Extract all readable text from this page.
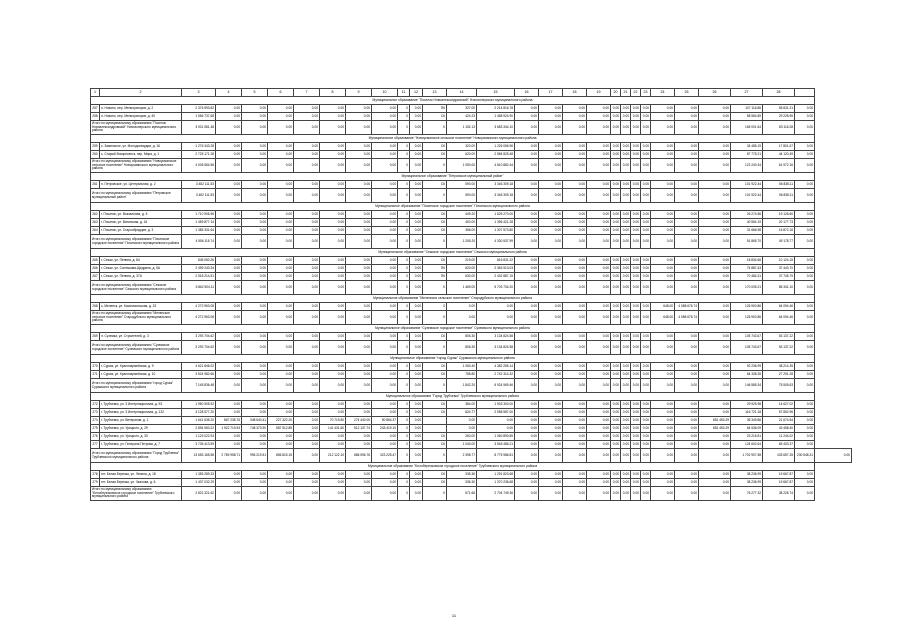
1	2	3	4	5	6	7	8	9	10	11	12	13	14	15	16	17	18	19	20	21	22	23	24	25	26	27	28		
Муниципальное образование "Поселок Новоалександровский" Новохоперского муниципального района																													
257	п. Новопо, пер. Мелиораторов, д. 2	2 376 993.82	0.00	0.00	0.00	0.00	0.00	0.00	0.00	0	0.00	ПК	327.00	2 214 816.78	0.00	0.00	0.00	0.00	0.00	0.00	0.00	0.00	0.00	0.00	0.00	107 116.86	55 831.21	0.00	
258	п. Новопо, пер. Мелиораторов, д. 49	1 556 737.68	0.00	0.00	0.00	0.00	0.00	0.00	0.00	0	0.00	СК	424.23	1 468 924.90	0.00	0.00	0.00	0.00	0.00	0.00	0.00	0.00	0.00	0.00	0.00	58 584.89	29 228.95	0.00	
Итого по муниципальному образованию "Поселок Новоалександровский" Новохоперского муниципального района		3 931 581.48	0.00	0.00	0.00	0.00	0.00	0.00	0.00	0	0.00	Х	1 152.13	3 683 344.10	0.00	0.00	0.00	0.00	0.00	0.00	0.00	0.00	0.00	0.00	0.00	165 001.64	83 116.28	0.00	
Муниципальное образование "Новоусманское сельское поселение" Новоусманского муниципального района																													
259	с. Замельное, ул. Молодогвардии, д. 16	1 276 343.28	0.00	0.00	0.00	0.00	0.00	0.00	0.00	0	0.00	СК	320.00	1 226 056.96	0.00	0.00	0.00	0.00	0.00	0.00	0.00	0.00	0.00	0.00	0.00	34 485.19	17 801.67	0.00	
260	с. Старый Воскресенск, пер. Мира, д. 1	2 725 171.28	0.00	0.00	0.00	0.00	0.00	0.00	0.00	0	0.00	СК	620.00	2 584 825.48	0.00	0.00	0.00	0.00	0.00	0.00	0.00	0.00	0.00	0.00	0.00	87 775.21	44 120.49	0.00	
Итого по муниципальному образованию "Новоусманское сельское поселение" Новоусманского муниципального района		4 005 654.56	0.00	0.00	0.00	0.00	0.00	0.00	0.00	0	0.00	Х	1 050.00	4 810 882.44	0.00	0.00	0.00	0.00	0.00	0.00	0.00	0.00	0.00	0.00	0.00	122 240.34	61 972.16	0.00	
Муниципальное образование "Петровское муниципальный район"																													
261	п. Петровское, ул. Центральная, д. 2	3 482 111.53	0.00	0.00	0.00	0.00	0.00	0.00	0.00	0	0.00	СК	590.00	3 346 309.18	0.00	0.00	0.00	0.00	0.00	0.00	0.00	0.00	0.00	0.00	0.00	101 922.44	56 838.11	0.00	
Итого по муниципальному образованию "Петровское муниципальный район"		3 482 111.53	0.00	0.00	0.00	0.00	0.00	0.00	0.00	0	0.00	Х	590.00	3 346 309.18	0.00	0.00	0.00	0.00	0.00	0.00	0.00	0.00	0.00	0.00	0.00	101 922.44	56 838.11	0.00	
Муниципальное образование "Починское городское поселение" Починского муниципального района																													
262	г. Починок, ул. Вокзальная, д. 5	1 710 906.96	0.00	0.00	0.00	0.00	0.00	0.00	0.00	0	0.00	СК	449.20	1 625 270.00	0.00	0.00	0.00	0.00	0.00	0.00	0.00	0.00	0.00	0.00	0.00	26 274.56	19 126.60	0.00	
263	г. Починок, ул. Ватинская, д. 16	1 459 877.14	0.00	0.00	0.00	0.00	0.00	0.00	0.00	0	0.00	СК	400.00	1 396 421.28	0.00	0.00	0.00	0.00	0.00	0.00	0.00	0.00	0.00	0.00	0.00	40 554.19	20 177.73	0.00	
264	г. Починок, ул. Старообрядцев, д. 3	1 385 331.64	0.00	0.00	0.00	0.00	0.00	0.00	0.00	0	0.00	СК	356.00	1 307 573.80	0.00	0.00	0.00	0.00	0.00	0.00	0.00	0.00	0.00	0.00	0.00	31 666.98	15 872.16	0.00	
Итого по муниципальному образованию "Починское городское поселение" Починского муниципального района		4 556 115.74	0.00	0.00	0.00	0.00	0.00	0.00	0.00	0	0.00	Х	1 205.20	4 330 537.99	0.00	0.00	0.00	0.00	0.00	0.00	0.00	0.00	0.00	0.00	0.00	51 865.70	49 178.77	0.00	
Муниципальное образование "Сежское городское поселение" Сежского муниципального района																													
265	г. Сежск, ул. Пенина, д. 84	845 050.26	0.00	0.00	0.00	0.00	0.00	0.00	0.00	0	0.00	СК	219.00	816 831.22	0.00	0.00	0.00	0.00	0.00	0.00	0.00	0.00	0.00	0.00	0.00	18 834.66	10 124.15	0.00	
266	г. Сежск, ул. Салтыкова-Щедрина, д. 5А	2 499 240.34	0.00	0.00	0.00	0.00	0.00	0.00	0.00	0	0.00	ПК	620.00	2 363 913.03	0.00	0.00	0.00	0.00	0.00	0.00	0.00	0.00	0.00	0.00	0.00	74 887.43	37 443.70	0.00	
267	г. Сежск, ул. Пенина, д. 37А	2 518 214.51	0.00	0.00	0.00	0.00	0.00	0.00	0.00	0	0.00	ПК	630.00	2 432 887.15	0.00	0.00	0.00	0.00	0.00	0.00	0.00	0.00	0.00	0.00	0.00	70 484.31	37 745.75	0.00	
Итого по муниципальному образованию "Сежское городское поселение" Сежского муниципального района		5 862 504.11	0.00	0.00	0.00	0.00	0.00	0.00	0.00	0	0.00	Х	1 469.00	5 703 734.20	0.00	0.00	0.00	0.00	0.00	0.00	0.00	0.00	0.00	0.00	0.00	170 005.21	85 341.10	0.00	
Муниципальное образование "Меленское сельское поселение" Стародубского муниципального района																													
268	с. Меленск, ул. Комсомольская, д. 23	4 272 963.08	0.00	0.00	0.00	0.00	0.00	0.00	0.00	0	0.00	Х	0.00	0.00	0.00	0.00	0.00	0.00	0.00	0.00	0.00	0.00	648.00	4 088 676.74	0.00	126 900.86	64 094.46	0.00	
Итого по муниципальному образованию "Меленское сельское поселение" Стародубского муниципального района		4 272 963.08	0.00	0.00	0.00	0.00	0.00	0.00	0.00	0	0.00	Х	0.00	0.00	0.00	0.00	0.00	0.00	0.00	0.00	0.00	0.00	648.00	4 088 676.74	0.00	126 900.86	64 094.46	0.00	
Муниципальное образование "Суземское городское поселение" Суземского муниципального района																													
269	п. Суземка, ул. Строителей, д. 3	3 293 704.62	0.00	0.00	0.00	0.00	0.00	0.00	0.00	0	0.00	СК	806.30	3 134 824.58	0.00	0.00	0.00	0.00	0.00	0.00	0.00	0.00	0.00	0.00	0.00	105 743.67	53 137.22	0.00	
Итого по муниципальному образованию "Суземское городское поселение" Суземского муниципального района		3 293 704.62	0.00	0.00	0.00	0.00	0.00	0.00	0.00	0	0.00	Х	806.30	3 134 824.58	0.00	0.00	0.00	0.00	0.00	0.00	0.00	0.00	0.00	0.00	0.00	105 743.67	53 137.22	0.00	
Муниципальное образование "город Сураж" Суражского муниципального района																													
270	г. Сураж, ул. Красноармейская, д. 9	4 621 846.02	0.00	0.00	0.00	0.00	0.00	0.00	0.00	0	0.00	СК	1 083.40	4 382 255.14	0.00	0.00	0.00	0.00	0.00	0.00	0.00	0.00	0.00	0.00	0.00	92 236.99	48 214.35	0.00	
271	г. Сураж, ул. Красноармейская, д. 10	3 524 982.66	0.00	0.00	0.00	0.00	0.00	0.00	0.00	0	0.00	СК	758.80	2 742 314.32	0.00	0.00	0.00	0.00	0.00	0.00	0.00	0.00	0.00	0.00	0.00	54 338.35	27 291.28	0.00	
Итого по муниципальному образованию "город Сураж" Суражского муниципального района		7 145 836.48	0.00	0.00	0.00	0.00	0.00	0.00	0.00	0	0.00	Х	1 842.20	6 924 569.46	0.00	0.00	0.00	0.00	0.00	0.00	0.00	0.00	0.00	0.00	0.00	146 585.34	75 505.63	0.00	
Муниципальное образование "Город Трубчевск" Трубчевского муниципального района																													
272	г. Трубчевск, ул. 3 Интернационала, д. 93	1 950 905.92	0.00	0.00	0.00	0.00	0.00	0.00	0.00	0	0.00	СК	384.00	1 903 300.00	0.00	0.00	0.00	0.00	0.00	0.00	0.00	0.00	0.00	0.00	0.00	29 925.98	14 627.02	0.00	
273	г. Трубчевск, ул. 3 Интернационала, д. 132	3 128 577.20	0.00	0.00	0.00	0.00	0.00	0.00	0.00	0	0.00	СК	824.77	2 958 587.00	0.00	0.00	0.00	0.00	0.00	0.00	0.00	0.00	0.00	0.00	0.00	116 721.18	57 852.96	0.00	
274	г. Трубчевск, ул. Ветеранов, д. 1	1 641 635.20	867 238.76	348 640.41	227 322.20	0.00	70 719.80	274 440.00	90 864.37	0	0.00		0.00	0.00	0.00	0.00	0.00	0.00	0.00	0.00	0.00	0.00	0.00	0.00	851 453.29	35 349.86	21 674.54	0.00	
275	г. Трубчевск, ул. Урицкого, д. 29	2 894 550.22	1 922 719.53	748 373.90	587 512.85	0.00	141 431.60	512 137.74	243 419.10	0	0.00		0.00	0.00	0.00	0.00	0.00	0.00	0.00	0.00	0.00	0.00	0.00	0.00	851 453.29	64 536.09	43 458.40	0.00	
276	г. Трубчевск, ул. Урицкого, д. 33	1 123 022.93	0.00	0.00	0.00	0.00	0.00	0.00	0.00	0	0.00	СК	260.00	1 060 890.85	0.00	0.00	0.00	0.00	0.00	0.00	0.00	0.00	0.00	0.00	0.00	23 215.81	11 244.02	0.00	
277	г. Трубчевск, ул. Генерала Петрова, д. 7	3 735 413.59	0.00	0.00	0.00	0.00	0.00	0.00	0.00	0	0.00	СК	1 040.00	3 545 486.21	0.00	0.00	0.00	0.00	0.00	0.00	0.00	0.00	0.00	0.00	0.00	124 602.64	65 403.37	0.00	
Итого по муниципальному образованию "Город Трубчевск" Трубчевского муниципального района		13 653 165.58	2 789 958.71	996 219.51	856 815.15	0.00	212 122.10	886 596.76	323 225.47	0	0.00	Х	2 398.77	8 775 986.81	0.00	0.00	0.00	0.00	0.00	0.00	0.00	0.00	0.00	0.00	0.00	1 702 907.58	433 657.25	230 548.31	0.00
Муниципальное образование "Белоберезковское городское поселение" Трубчевского муниципального района																													
278	пгт. Белая Березка, ул. Ленина, д. 18	1 355 289.33	0.00	0.00	0.00	0.00	0.00	0.00	0.00	0	0.00	СК	335.36	1 291 823.68	0.00	0.00	0.00	0.00	0.00	0.00	0.00	0.00	0.00	0.00	0.00	38 236.99	19 667.87	0.00	
279	пгт. Белая Березка, ул. Чкалова, д. 6	1 437 032.29	0.00	0.00	0.00	0.00	0.00	0.00	0.00	0	0.00	СК	336.30	1 370 236.68	0.00	0.00	0.00	0.00	0.00	0.00	0.00	0.00	0.00	0.00	0.00	38 236.99	19 667.87	0.00	
Итого по муниципальному образованию "Белоберезковское городское поселение" Трубчевского муниципального района		2 822 321.62	0.00	0.00	0.00	0.00	0.00	0.00	0.00	0	0.00	Х	671.66	2 704 749.36	0.00	0.00	0.00	0.00	0.00	0.00	0.00	0.00	0.00	0.00	0.00	76 277.32	38 226.74	0.00	
11
